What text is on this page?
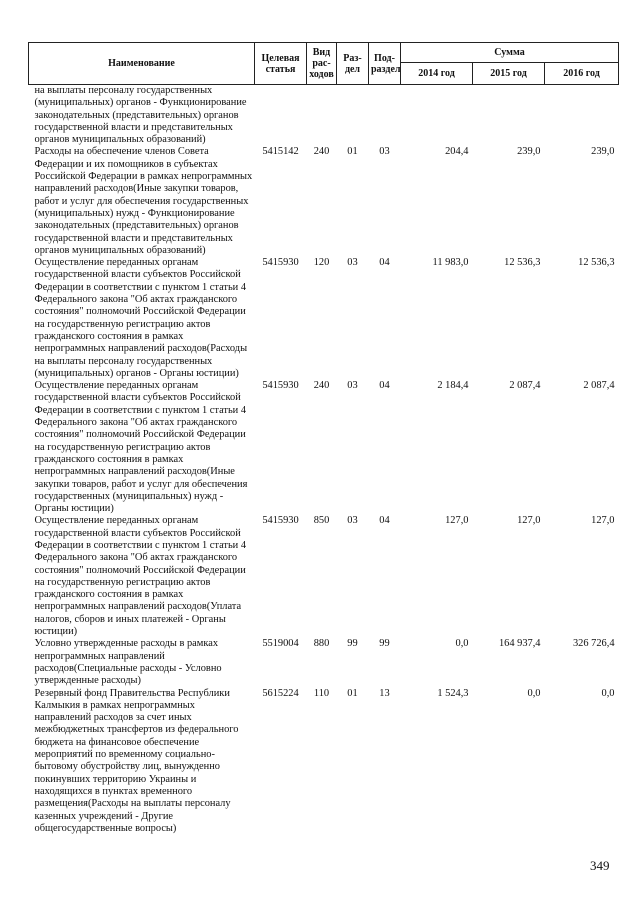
Наименование	Целевая статья	Вид рас-ходов	Раз-дел	Под-раздел	Сумма		
					2014 год	2015 год	2016 год
на выплаты персоналу государственных (муниципальных) органов - Функционирование законодательных (представительных) органов государственной власти и представительных органов муниципальных образований)							
Расходы на обеспечение членов Совета Федерации и их помощников в субъектах Российской Федерации в рамках непрограммных направлений расходов(Иные закупки товаров, работ и услуг для обеспечения государственных (муниципальных) нужд - Функционирование законодательных (представительных) органов государственной власти и представительных органов муниципальных образований)	5415142	240	01	03	204,4	239,0	239,0
Осуществление переданных органам государственной власти субъектов Российской Федерации в соответствии с пунктом 1 статьи 4 Федерального закона "Об актах гражданского состояния" полномочий Российской Федерации на государственную регистрацию актов гражданского состояния в рамках непрограммных направлений расходов(Расходы на выплаты персоналу государственных (муниципальных) органов - Органы юстиции)	5415930	120	03	04	11 983,0	12 536,3	12 536,3
Осуществление переданных органам государственной власти субъектов Российской Федерации в соответствии с пунктом 1 статьи 4 Федерального закона "Об актах гражданского состояния" полномочий Российской Федерации на государственную регистрацию актов гражданского состояния в рамках непрограммных направлений расходов(Иные закупки товаров, работ и услуг для обеспечения государственных (муниципальных) нужд - Органы юстиции)	5415930	240	03	04	2 184,4	2 087,4	2 087,4
Осуществление переданных органам государственной власти субъектов Российской Федерации в соответствии с пунктом 1 статьи 4 Федерального закона "Об актах гражданского состояния" полномочий Российской Федерации на государственную регистрацию актов гражданского состояния в рамках непрограммных направлений расходов(Уплата налогов, сборов и иных платежей - Органы юстиции)	5415930	850	03	04	127,0	127,0	127,0
Условно утвержденные расходы в рамках непрограммных направлений расходов(Специальные расходы - Условно утвержденные расходы)	5519004	880	99	99	0,0	164 937,4	326 726,4
Резервный фонд Правительства Республики Калмыкия в рамках непрограммных направлений расходов за счет иных межбюджетных трансфертов из федерального бюджета на финансовое обеспечение мероприятий по временному социально-бытовому обустройству лиц, вынужденно покинувших территорию Украины и находящихся в пунктах временного размещения(Расходы на выплаты персоналу казенных учреждений - Другие общегосударственные вопросы)	5615224	110	01	13	1 524,3	0,0	0,0
349
